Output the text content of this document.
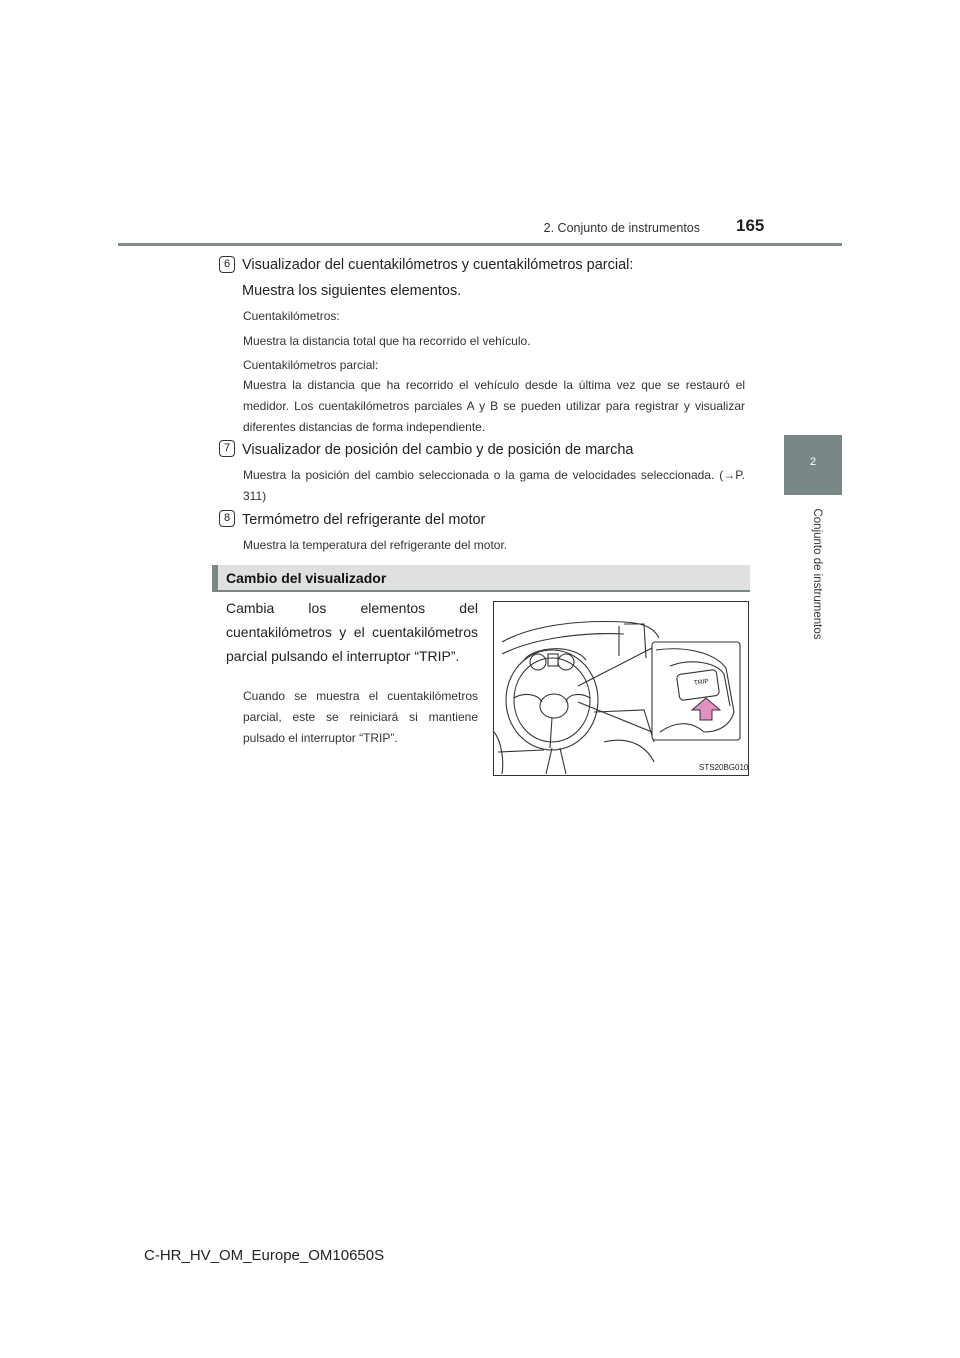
2. Conjunto de instrumentos 165
2
Conjunto de instrumentos
6 Visualizador del cuentakilómetros y cuentakilómetros parcial:
Muestra los siguientes elementos.
Cuentakilómetros:
Muestra la distancia total que ha recorrido el vehículo.
Cuentakilómetros parcial:
Muestra la distancia que ha recorrido el vehículo desde la última vez que se restauró el medidor. Los cuentakilómetros parciales A y B se pueden utilizar para registrar y visualizar diferentes distancias de forma independiente.
7 Visualizador de posición del cambio y de posición de marcha
Muestra la posición del cambio seleccionada o la gama de velocidades seleccionada. (→P. 311)
8 Termómetro del refrigerante del motor
Muestra la temperatura del refrigerante del motor.
Cambio del visualizador
Cambia los elementos del cuentakilómetros y el cuentakilómetros parcial pulsando el interruptor “TRIP”.
Cuando se muestra el cuentakilómetros parcial, este se reiniciará si mantiene pulsado el interruptor “TRIP”.
TRIP
STS20BG010
C-HR_HV_OM_Europe_OM10650S
